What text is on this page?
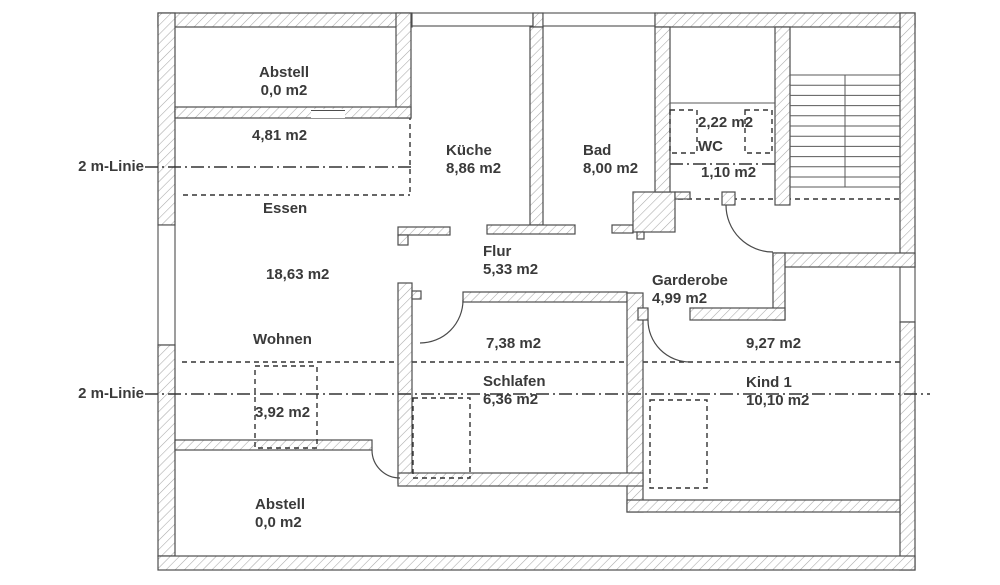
Abstell
0,0 m2
4,81 m2
Essen
Küche
8,86 m2
Bad
8,00 m2
2,22 m2
WC
1,10 m2
Flur
5,33 m2
18,63 m2
Wohnen
3,92 m2
7,38 m2
Schlafen
6,36 m2
Garderobe
4,99 m2
9,27 m2
Kind 1
10,10 m2
Abstell
0,0 m2
2 m-Linie
2 m-Linie
